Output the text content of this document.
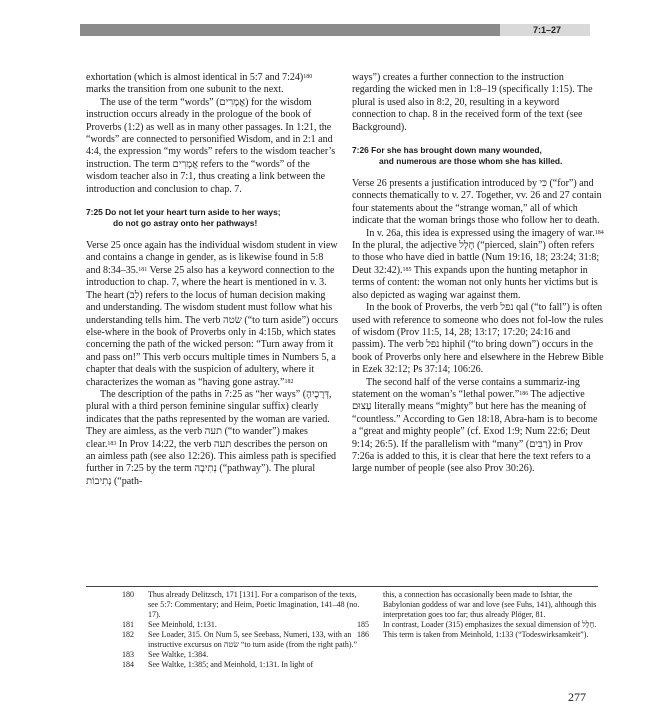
7:1–27

exhortation (which is almost identical in 5:7 and 7:24)$^{180}$ marks the transition from one subunit to the next.

The use of the term “words” (אֲמָרִים) for the wisdom instruction occurs already in the prologue of the book of Proverbs (1:2) as well as in many other passages. In 1:21, the “words” are connected to personified Wisdom, and in 2:1 and 4:4, the expression “my words” refers to the wisdom teacher’s instruction. The term אֲמָרִים refers to the “words” of the wisdom teacher also in 7:1, thus creating a link between the introduction and conclusion to chap. 7.

7:25 Do not let your heart turn aside to her ways;
do not go astray onto her pathways!

Verse 25 once again has the individual wisdom student in view and contains a change in gender, as is likewise found in 5:8 and 8:34–35.$^{181}$ Verse 25 also has a keyword connection to the introduction to chap. 7, where the heart is mentioned in v. 3. The heart (לֵב) refers to the locus of human decision making and understanding. The wisdom student must follow what his understanding tells him. The verb שׂטה (“to turn aside”) occurs else-where in the book of Proverbs only in 4:15b, which states concerning the path of the wicked person: “Turn away from it and pass on!” This verb occurs multiple times in Numbers 5, a chapter that deals with the suspicion of adultery, where it characterizes the woman as “having gone astray.”$^{182}$

The description of the paths in 7:25 as “her ways” (דְּרָכֶיהָ, plural with a third person feminine singular suffix) clearly indicates that the paths represented by the woman are varied. They are aimless, as the verb תעה (“to wander”) makes clear.$^{183}$ In Prov 14:22, the verb תעה describes the person on an aimless path (see also 12:26). This aimless path is specified further in 7:25 by the term נְתִיבָה (“pathway”). The plural נְתִיבוֹת (“path-

ways”) creates a further connection to the instruction regarding the wicked men in 1:8–19 (specifically 1:15). The plural is used also in 8:2, 20, resulting in a keyword connection to chap. 8 in the received form of the text (see Background).

7:26 For she has brought down many wounded,
and numerous are those whom she has killed.

Verse 26 presents a justification introduced by כִּי (“for”) and connects thematically to v. 27. Together, vv. 26 and 27 contain four statements about the “strange woman,” all of which indicate that the woman brings those who follow her to death.

In v. 26a, this idea is expressed using the imagery of war.$^{184}$ In the plural, the adjective חָלָל (“pierced, slain”) often refers to those who have died in battle (Num 19:16, 18; 23:24; 31:8; Deut 32:42).$^{185}$ This expands upon the hunting metaphor in terms of content: the woman not only hunts her victims but is also depicted as waging war against them.

In the book of Proverbs, the verb נפל qal (“to fall”) is often used with reference to someone who does not fol-low the rules of wisdom (Prov 11:5, 14, 28; 13:17; 17:20; 24:16 and passim). The verb נפל hiphil (“to bring down”) occurs in the book of Proverbs only here and elsewhere in the Hebrew Bible in Ezek 32:12; Ps 37:14; 106:26.

The second half of the verse contains a summariz-ing statement on the woman’s “lethal power.”$^{186}$ The adjective עָצוּם literally means “mighty” but here has the meaning of “countless.” According to Gen 18:18, Abra-ham is to become a “great and mighty people” (cf. Exod 1:9; Num 22:6; Deut 9:14; 26:5). If the parallelism with “many” (רַבִּים) in Prov 7:26a is added to this, it is clear that here the text refers to a large number of people (see also Prov 30:26).

180	Thus already Delitzsch, 171 [131]. For a comparison of the texts, see 5:7: Commentary; and Heim, Poetic Imagination, 141–48 (no. 17).
181	See Meinhold, 1:131.
182	See Loader, 315. On Num 5, see Seebass, Numeri, 133, with an instructive excursus on שׂטה “to turn aside (from the right path).”
183	See Waltke, 1:384.
184	See Waltke, 1:385; and Meinhold, 1:131. In light of
this, a connection has occasionally been made to Ishtar, the Babylonian goddess of war and love (see Fuhs, 141), although this interpretation goes too far; thus already Plöger, 81.
185	In contrast, Loader (315) emphasizes the sexual dimension of חָלָל.
186	This term is taken from Meinhold, 1:133 (“Todeswirksamkeit”).
277
